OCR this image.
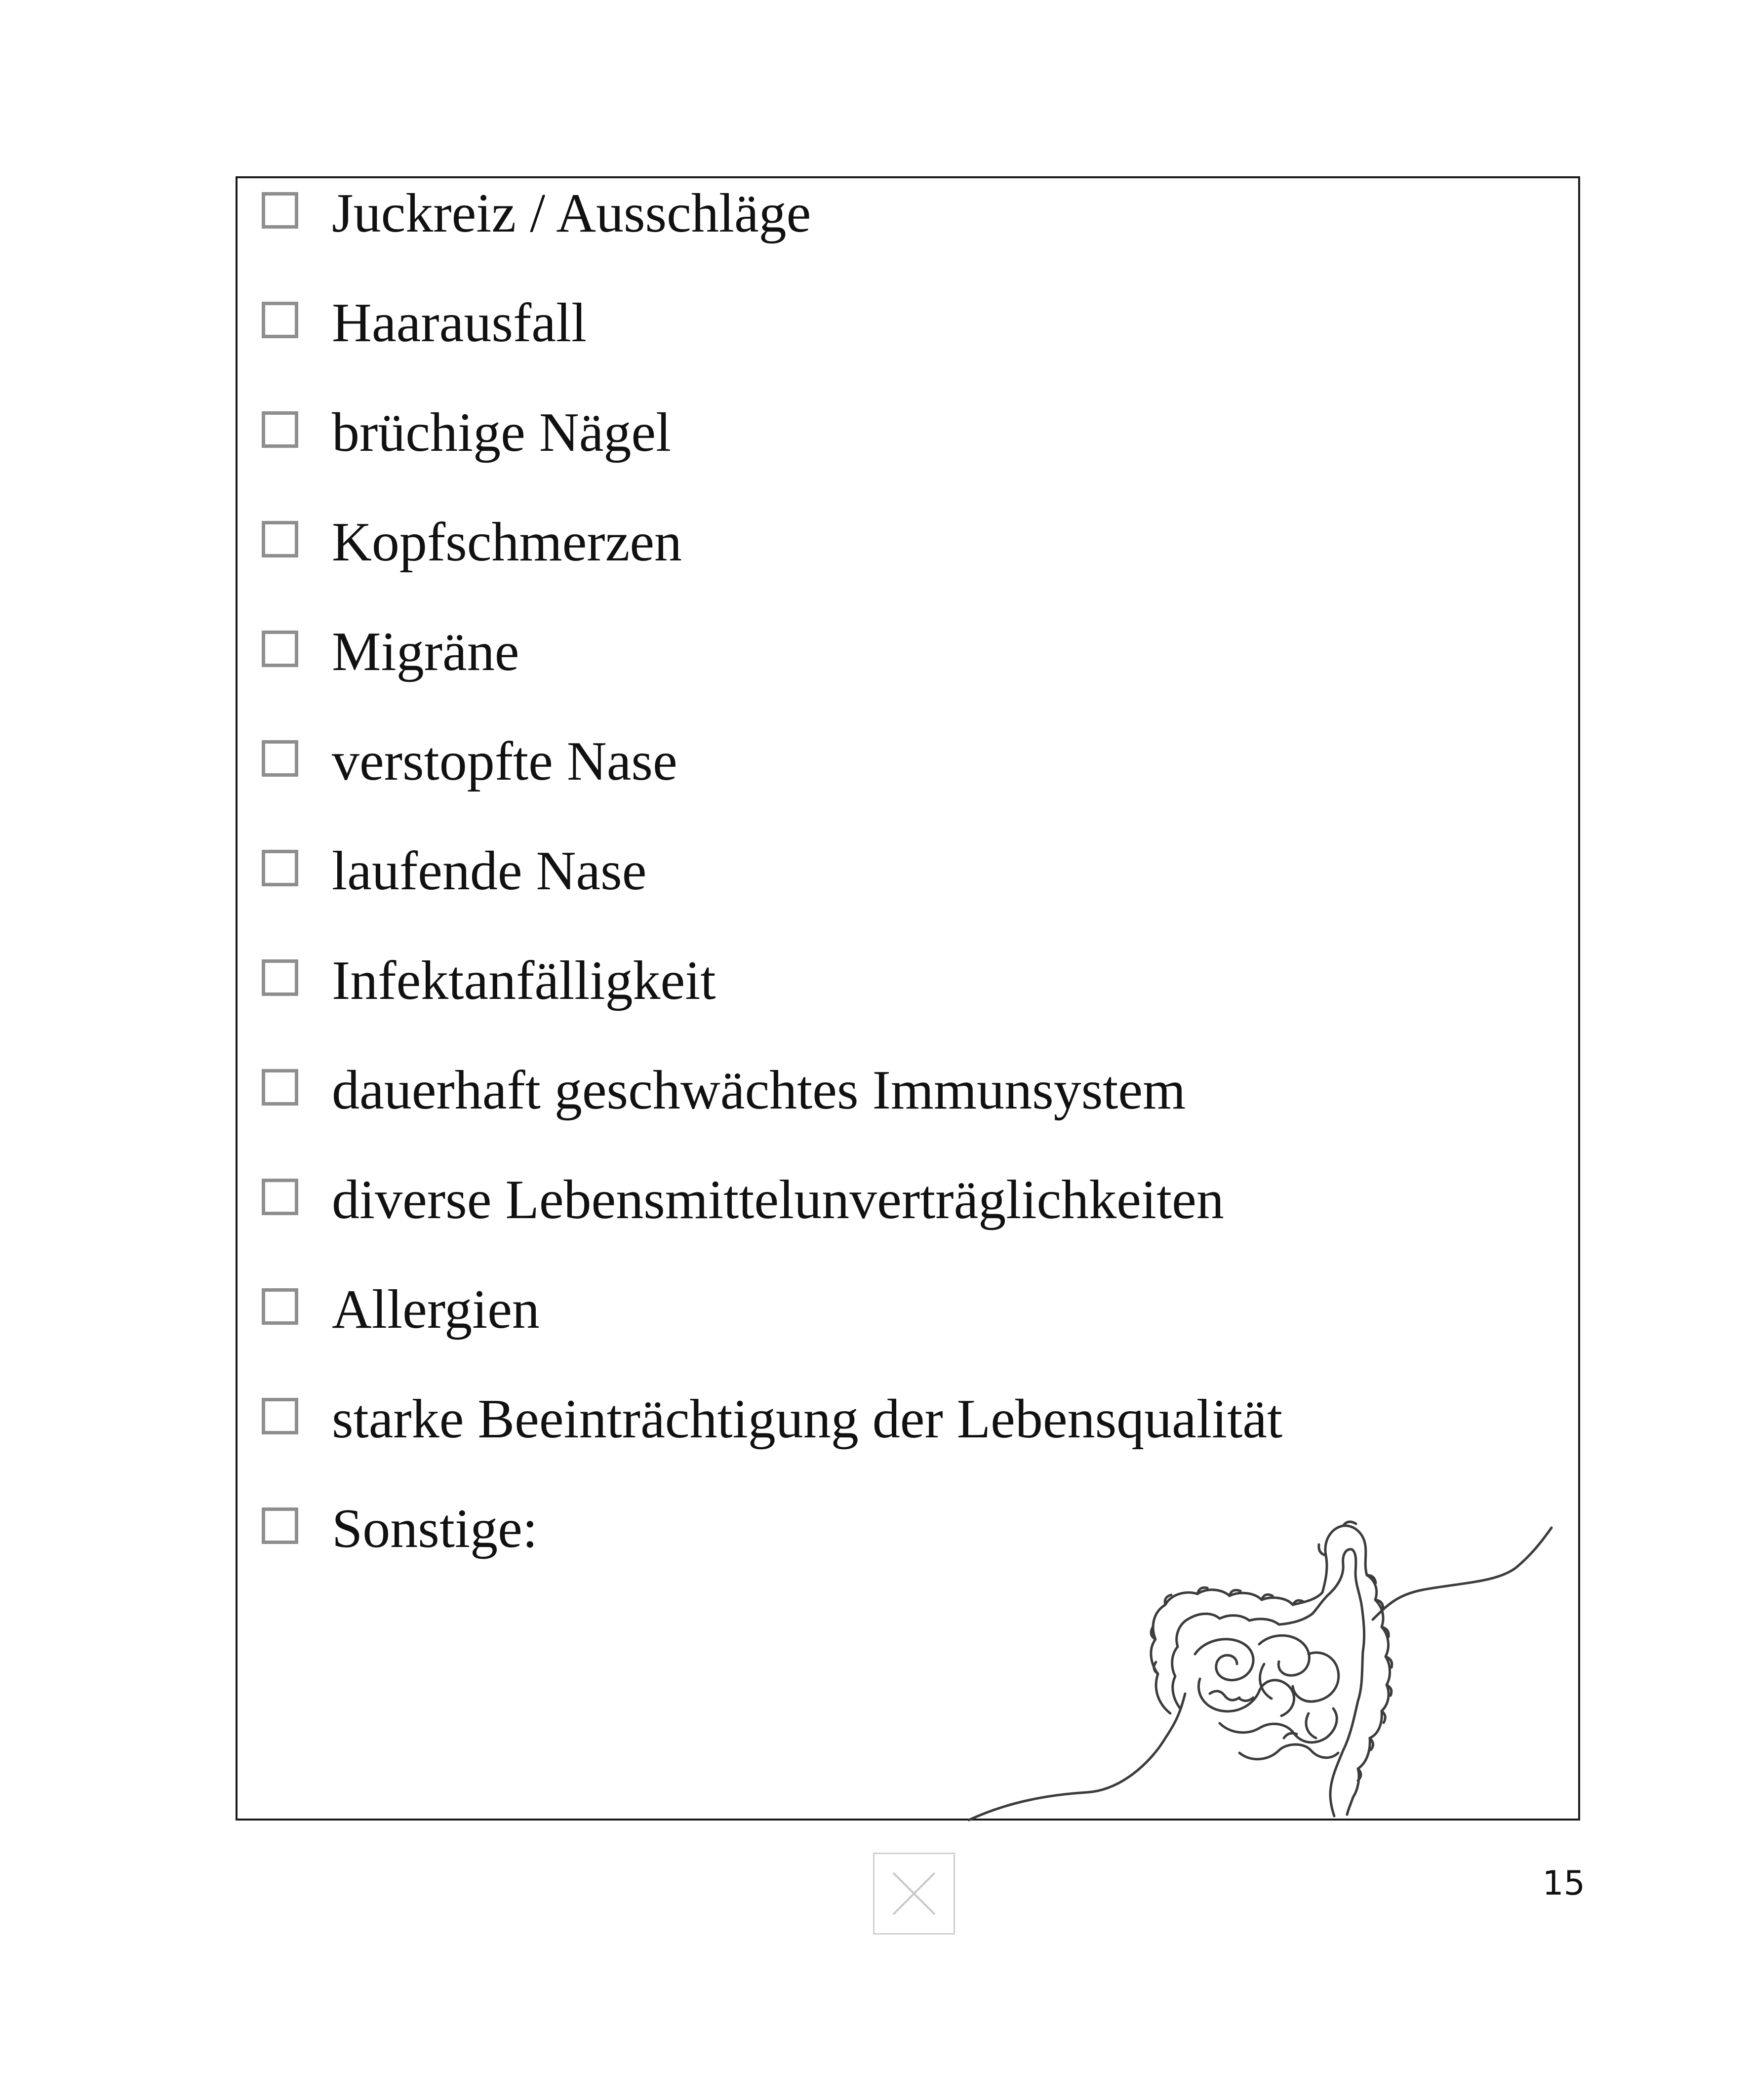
Juckreiz / Ausschläge
Haarausfall
brüchige Nägel
Kopfschmerzen
Migräne
verstopfte Nase
laufende Nase
Infektanfälligkeit
dauerhaft geschwächtes Immunsystem
diverse Lebensmittelunverträglichkeiten
Allergien
starke Beeinträchtigung der Lebensqualität
Sonstige:
15
